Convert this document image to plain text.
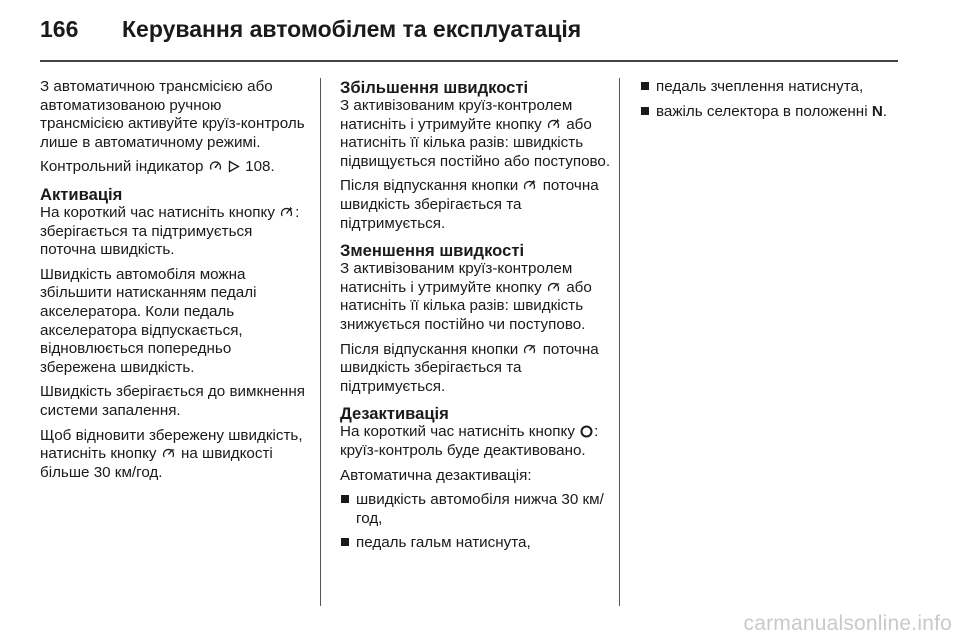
166 Керування автомобілем та експлуатація

З автоматичною трансмісією або автоматизованою ручною трансмісією активуйте круїз-контроль лише в автоматичному режимі.

Контрольний індикатор
	108.

Активація

На короткий час натисніть кнопку : зберігається та підтримується поточна швидкість.

Швидкість автомобіля можна збільшити натисканням педалі акселератора. Коли педаль акселератора відпускається, відновлюється попередньо збережена швидкість.

Швидкість зберігається до вимкнення системи запалення.

Щоб відновити збережену швидкість, натисніть кнопку на швидкості більше 30 км/год.

Збільшення швидкості

З активізованим круїз-контролем натисніть і утримуйте кнопку або натисніть її кілька разів: швидкість підвищується постійно або поступово.

Після відпускання кнопки поточна швидкість зберігається та підтримується.

Зменшення швидкості

З активізованим круїз-контролем натисніть і утримуйте кнопку або натисніть її кілька разів: швидкість знижується постійно чи поступово.

Після відпускання кнопки поточна швидкість зберігається та підтримується.

Дезактивація

На короткий час натисніть кнопку : круїз-контроль буде деактивовано.

Автоматична дезактивація:

швидкість автомобіля нижча 30 км/год,
педаль гальм натиснута,
педаль зчеплення натиснута,
важіль селектора в положенні N.
carmanualsonline.info
